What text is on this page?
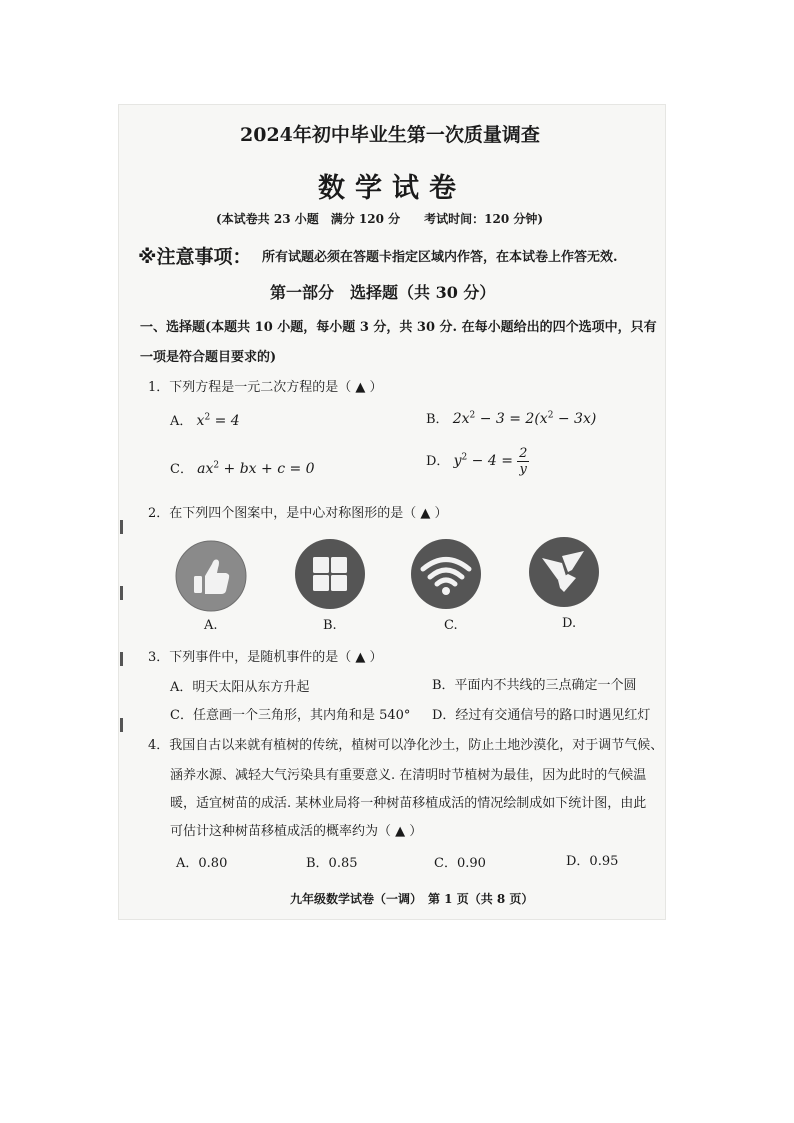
2024年初中毕业生第一次质量调查
数学试卷
(本试卷共 23 小题　满分 120 分　　考试时间：120 分钟)
※注意事项： 所有试题必须在答题卡指定区域内作答，在本试卷上作答无效.
第一部分　选择题（共 30 分）
一、选择题(本题共 10 小题，每小题 3 分，共 30 分. 在每小题给出的四个选项中，只有
一项是符合题目要求的)
1．下列方程是一元二次方程的是（ ▲ ）
A． $x^2 = 4$	B． $2x^2 - 3 = 2(x^2 - 3x)$
C． $ax^2$ + bx + c = 0	D． $y^2 - 4 = \frac{2}{y}$
2．在下列四个图案中，是中心对称图形的是（ ▲ ）
A.	B.	C.	D.
3．下列事件中，是随机事件的是（ ▲ ）
A．明天太阳从东方升起	B．平面内不共线的三点确定一个圆
C．任意画一个三角形，其内角和是 540° D．经过有交通信号的路口时遇见红灯
4．我国自古以来就有植树的传统，植树可以净化沙土，防止土地沙漠化，对于调节气候、
涵养水源、减轻大气污染具有重要意义. 在清明时节植树为最佳，因为此时的气候温
暖，适宜树苗的成活. 某林业局将一种树苗移植成活的情况绘制成如下统计图，由此
可估计这种树苗移植成活的概率约为（ ▲ ）
A．0.80	B．0.85	C．0.90	D．0.95
九年级数学试卷（一调）　第 1 页（共 8 页）
